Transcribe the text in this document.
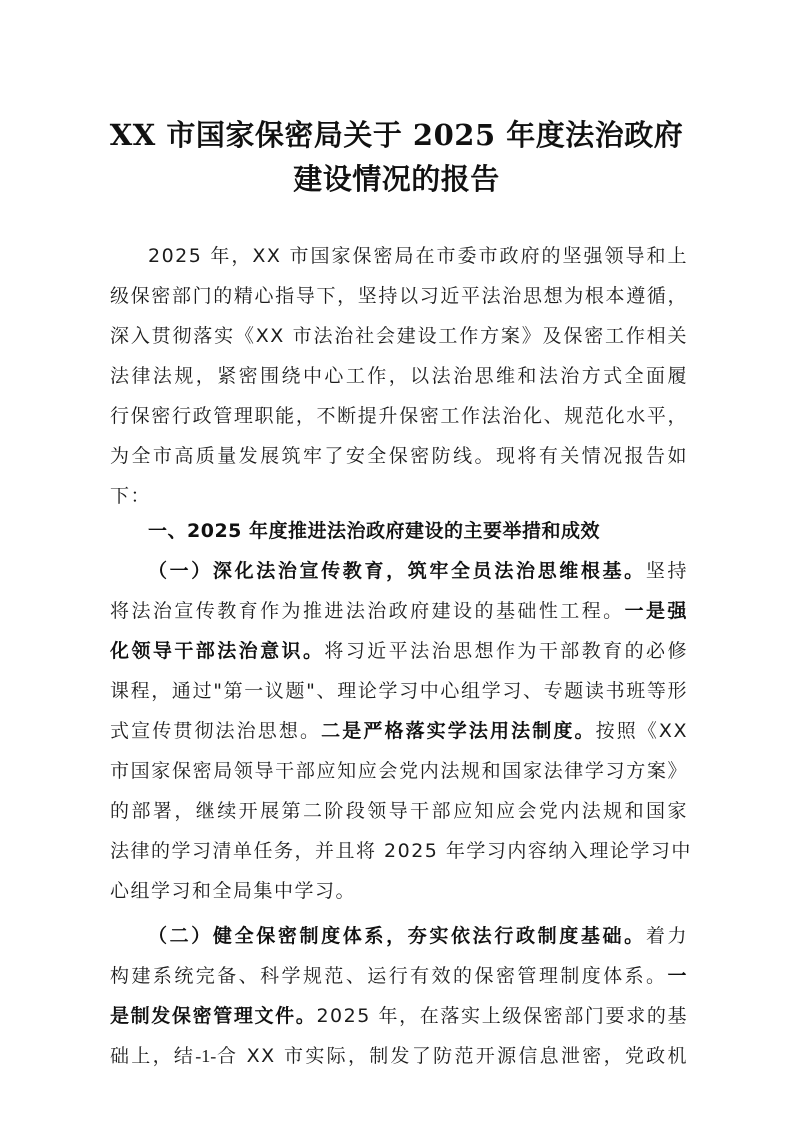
XX 市国家保密局关于 2025 年度法治政府
建设情况的报告
2025 年，XX 市国家保密局在市委市政府的坚强领导和上
级保密部门的精心指导下，坚持以习近平法治思想为根本遵循，
深入贯彻落实《XX 市法治社会建设工作方案》及保密工作相关
法律法规，紧密围绕中心工作，以法治思维和法治方式全面履
行保密行政管理职能，不断提升保密工作法治化、规范化水平，
为全市高质量发展筑牢了安全保密防线。现将有关情况报告如
下：
一、2025 年度推进法治政府建设的主要举措和成效
（一）深化法治宣传教育，筑牢全员法治思维根基。坚持
将法治宣传教育作为推进法治政府建设的基础性工程。一是强
化领导干部法治意识。将习近平法治思想作为干部教育的必修
课程，通过"第一议题"、理论学习中心组学习、专题读书班等形
式宣传贯彻法治思想。二是严格落实学法用法制度。按照《XX
市国家保密局领导干部应知应会党内法规和国家法律学习方案》
的部署，继续开展第二阶段领导干部应知应会党内法规和国家
法律的学习清单任务，并且将 2025 年学习内容纳入理论学习中
心组学习和全局集中学习。
（二）健全保密制度体系，夯实依法行政制度基础。着力
构建系统完备、科学规范、运行有效的保密管理制度体系。一
是制发保密管理文件。2025 年，在落实上级保密部门要求的基
础上，结-1-合 XX 市实际，制发了防范开源信息泄密，党政机
